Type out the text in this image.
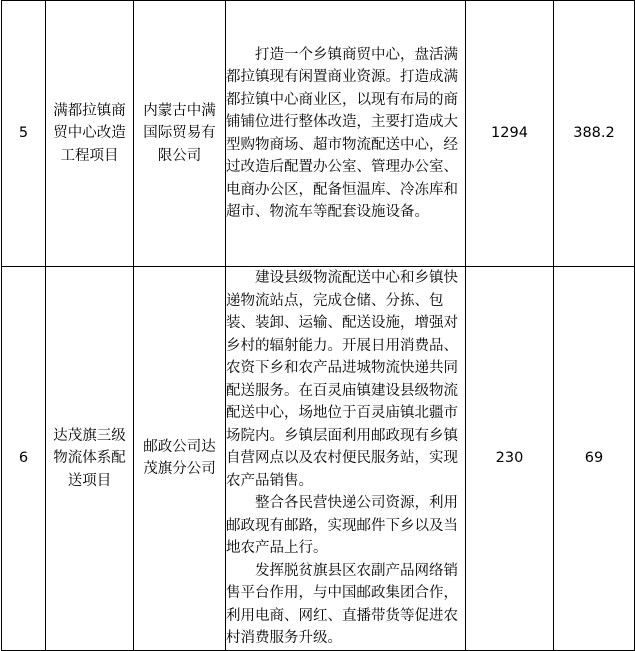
5	满都拉镇商贸中心改造工程项目	内蒙古中满国际贸易有限公司	打造一个乡镇商贸中心，盘活满都拉镇现有闲置商业资源。打造成满都拉镇中心商业区，以现有布局的商铺铺位进行整体改造，主要打造成大型购物商场、超市物流配送中心，经过改造后配置办公室、管理办公室、电商办公区，配备恒温库、冷冻库和超市、物流车等配套设施设备。	1294	388.2
6	达茂旗三级物流体系配送项目	邮政公司达茂旗分公司	建设县级物流配送中心和乡镇快递物流站点，完成仓储、分拣、包装、装卸、运输、配送设施，增强对乡村的辐射能力。开展日用消费品、农资下乡和农产品进城物流快递共同配送服务。在百灵庙镇建设县级物流配送中心，场地位于百灵庙镇北疆市场院内。乡镇层面利用邮政现有乡镇自营网点以及农村便民服务站，实现农产品销售。

整合各民营快递公司资源，利用邮政现有邮路，实现邮件下乡以及当地农产品上行。

发挥脱贫旗县区农副产品网络销售平台作用，与中国邮政集团合作，利用电商、网红、直播带货等促进农村消费服务升级。	230	69
